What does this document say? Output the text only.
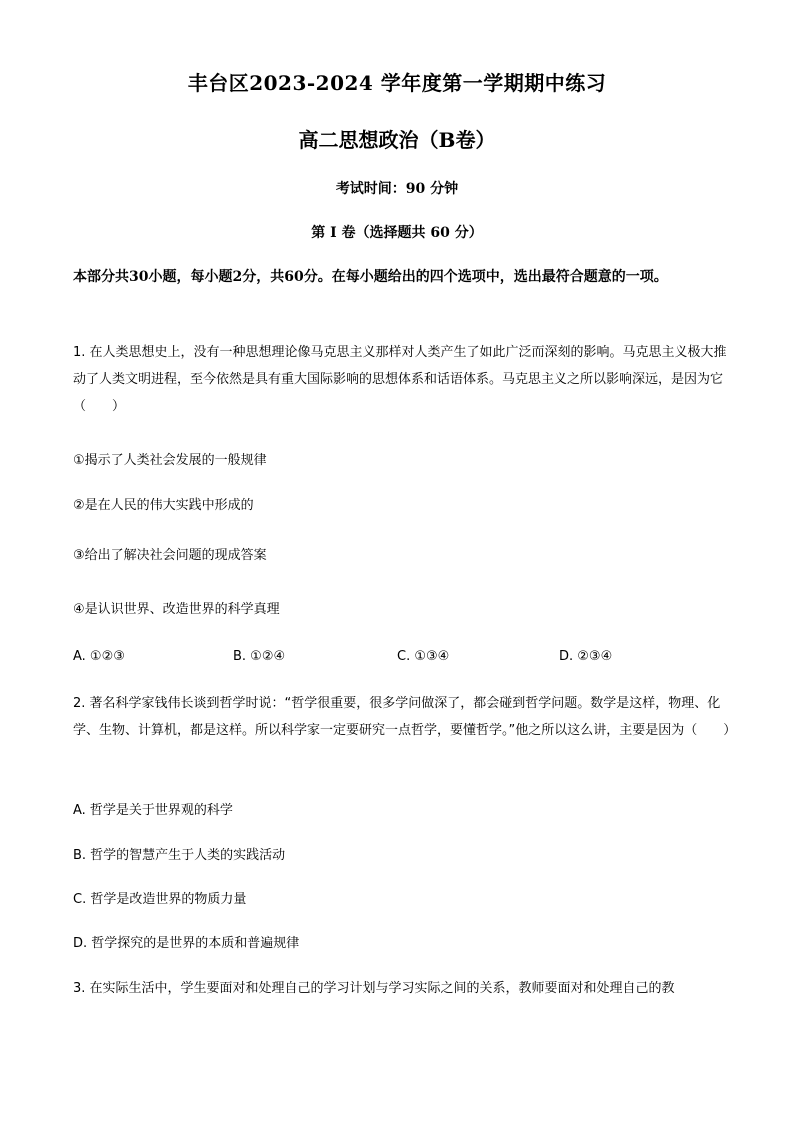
丰台区2023-2024 学年度第一学期期中练习
高二思想政治（B卷）
考试时间：90 分钟
第 I 卷（选择题共 60 分）
本部分共30小题，每小题2分，共60分。在每小题给出的四个选项中，选出最符合题意的一项。
1. 在人类思想史上，没有一种思想理论像马克思主义那样对人类产生了如此广泛而深刻的影响。马克思主义极大推动了人类文明进程，至今依然是具有重大国际影响的思想体系和话语体系。马克思主义之所以影响深远，是因为它（　　）
①揭示了人类社会发展的一般规律
②是在人民的伟大实践中形成的
③给出了解决社会问题的现成答案
④是认识世界、改造世界的科学真理
A. ①②③	B. ①②④	C. ①③④	D. ②③④
2. 著名科学家钱伟长谈到哲学时说：“哲学很重要，很多学问做深了，都会碰到哲学问题。数学是这样，物理、化学、生物、计算机，都是这样。所以科学家一定要研究一点哲学，要懂哲学。”他之所以这么讲，主要是因为（　　）
A. 哲学是关于世界观的科学
B. 哲学的智慧产生于人类的实践活动
C. 哲学是改造世界的物质力量
D. 哲学探究的是世界的本质和普遍规律
3. 在实际生活中，学生要面对和处理自己的学习计划与学习实际之间的关系，教师要面对和处理自己的教
